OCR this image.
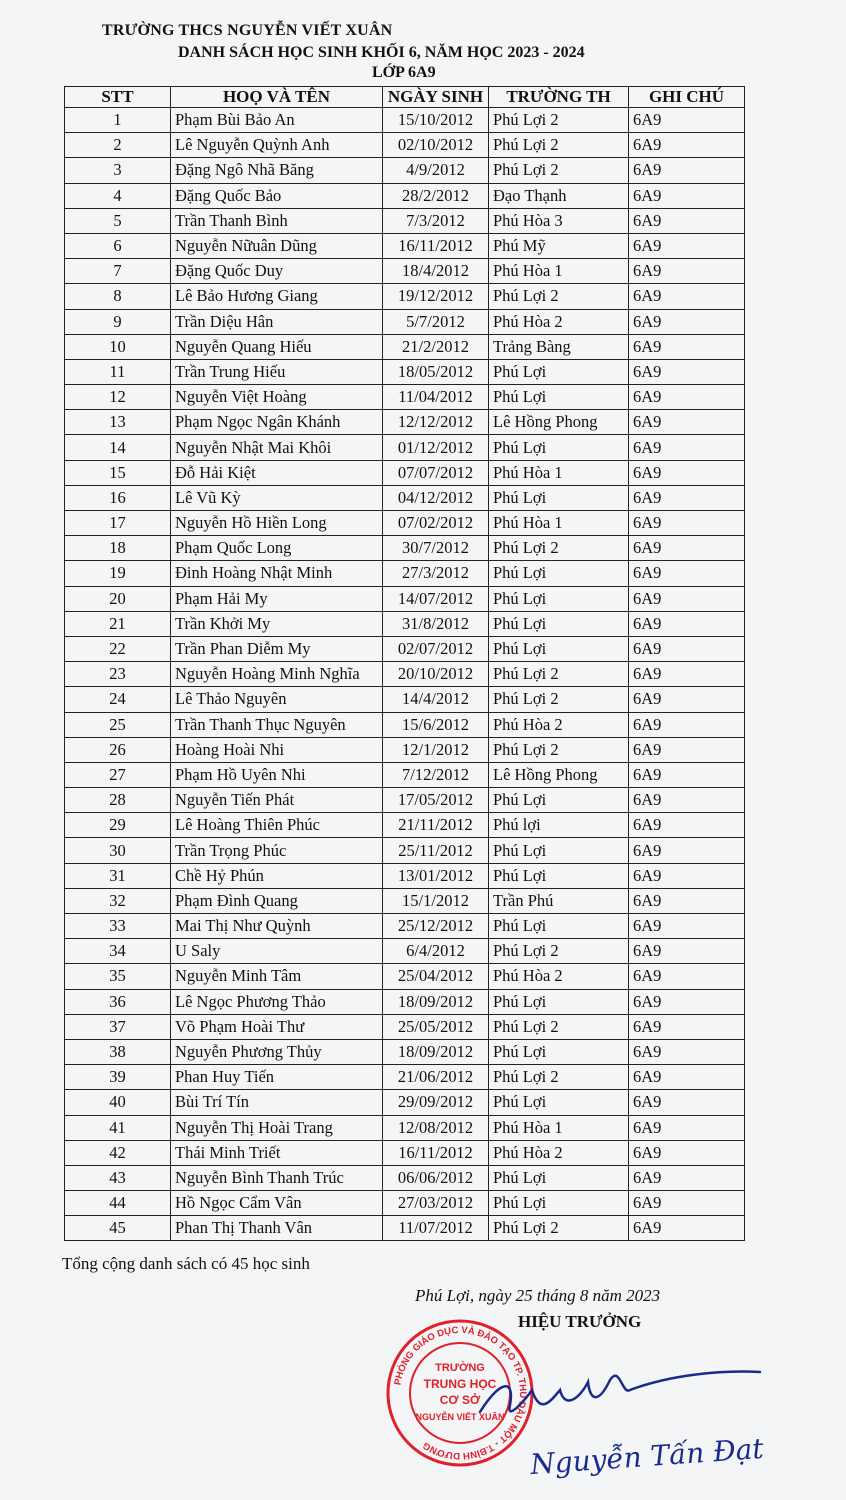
TRƯỜNG THCS NGUYỄN VIẾT XUÂN
DANH SÁCH HỌC SINH KHỐI 6, NĂM HỌC 2023 - 2024
LỚP 6A9
STT	HOỌ VÀ TÊN	NGÀY SINH	TRƯỜNG TH	GHI CHÚ
1	Phạm Bùi Bảo An	15/10/2012	Phú Lợi 2	6A9
2	Lê Nguyễn Quỳnh Anh	02/10/2012	Phú Lợi 2	6A9
3	Đặng Ngô Nhã Băng	4/9/2012	Phú Lợi 2	6A9
4	Đặng Quốc Bảo	28/2/2012	Đạo Thạnh	6A9
5	Trần Thanh Bình	7/3/2012	Phú Hòa 3	6A9
6	Nguyễn Nữuân Dũng	16/11/2012	Phú Mỹ	6A9
7	Đặng Quốc Duy	18/4/2012	Phú Hòa 1	6A9
8	Lê Bảo Hương Giang	19/12/2012	Phú Lợi 2	6A9
9	Trần Diệu Hân	5/7/2012	Phú Hòa 2	6A9
10	Nguyễn Quang Hiếu	21/2/2012	Trảng Bàng	6A9
11	Trần Trung Hiếu	18/05/2012	Phú Lợi	6A9
12	Nguyễn Việt Hoàng	11/04/2012	Phú Lợi	6A9
13	Phạm Ngọc Ngân Khánh	12/12/2012	Lê Hồng Phong	6A9
14	Nguyễn Nhật Mai Khôi	01/12/2012	Phú Lợi	6A9
15	Đỗ Hải Kiệt	07/07/2012	Phú Hòa 1	6A9
16	Lê Vũ Kỳ	04/12/2012	Phú Lợi	6A9
17	Nguyễn Hồ Hiền Long	07/02/2012	Phú Hòa 1	6A9
18	Phạm Quốc Long	30/7/2012	Phú Lợi 2	6A9
19	Đinh Hoàng Nhật Minh	27/3/2012	Phú Lợi	6A9
20	Phạm Hải My	14/07/2012	Phú Lợi	6A9
21	Trần Khởi My	31/8/2012	Phú Lợi	6A9
22	Trần Phan Diễm My	02/07/2012	Phú Lợi	6A9
23	Nguyễn Hoàng Minh Nghĩa	20/10/2012	Phú Lợi 2	6A9
24	Lê Thảo Nguyên	14/4/2012	Phú Lợi 2	6A9
25	Trần Thanh Thục Nguyên	15/6/2012	Phú Hòa 2	6A9
26	Hoàng Hoài Nhi	12/1/2012	Phú Lợi 2	6A9
27	Phạm Hồ Uyên Nhi	7/12/2012	Lê Hồng Phong	6A9
28	Nguyễn Tiến Phát	17/05/2012	Phú Lợi	6A9
29	Lê Hoàng Thiên Phúc	21/11/2012	Phú lợi	6A9
30	Trần Trọng Phúc	25/11/2012	Phú Lợi	6A9
31	Chề Hỷ Phún	13/01/2012	Phú Lợi	6A9
32	Phạm Đình Quang	15/1/2012	Trần Phú	6A9
33	Mai Thị Như Quỳnh	25/12/2012	Phú Lợi	6A9
34	U Saly	6/4/2012	Phú Lợi 2	6A9
35	Nguyễn Minh Tâm	25/04/2012	Phú Hòa 2	6A9
36	Lê Ngọc Phương Thảo	18/09/2012	Phú Lợi	6A9
37	Võ Phạm Hoài Thư	25/05/2012	Phú Lợi 2	6A9
38	Nguyễn Phương Thủy	18/09/2012	Phú Lợi	6A9
39	Phan Huy Tiến	21/06/2012	Phú Lợi 2	6A9
40	Bùi Trí Tín	29/09/2012	Phú Lợi	6A9
41	Nguyễn Thị Hoài Trang	12/08/2012	Phú Hòa 1	6A9
42	Thái Minh Triết	16/11/2012	Phú Hòa 2	6A9
43	Nguyễn Bình Thanh Trúc	06/06/2012	Phú Lợi	6A9
44	Hồ Ngọc Cẩm Vân	27/03/2012	Phú Lợi	6A9
45	Phan Thị Thanh Vân	11/07/2012	Phú Lợi 2	6A9
Tổng cộng danh sách có 45 học sinh
Phú Lợi, ngày 25 tháng 8 năm 2023
HIỆU TRƯỞNG
PHÒNG GIÁO DỤC VÀ ĐÀO TẠO TP. THỦ DẦU MỘT - T.BÌNH DƯƠNG
TRƯỜNG
TRUNG HỌC
CƠ SỞ
NGUYỄN VIẾT XUÂN
Nguyễn Tấn Đạt
